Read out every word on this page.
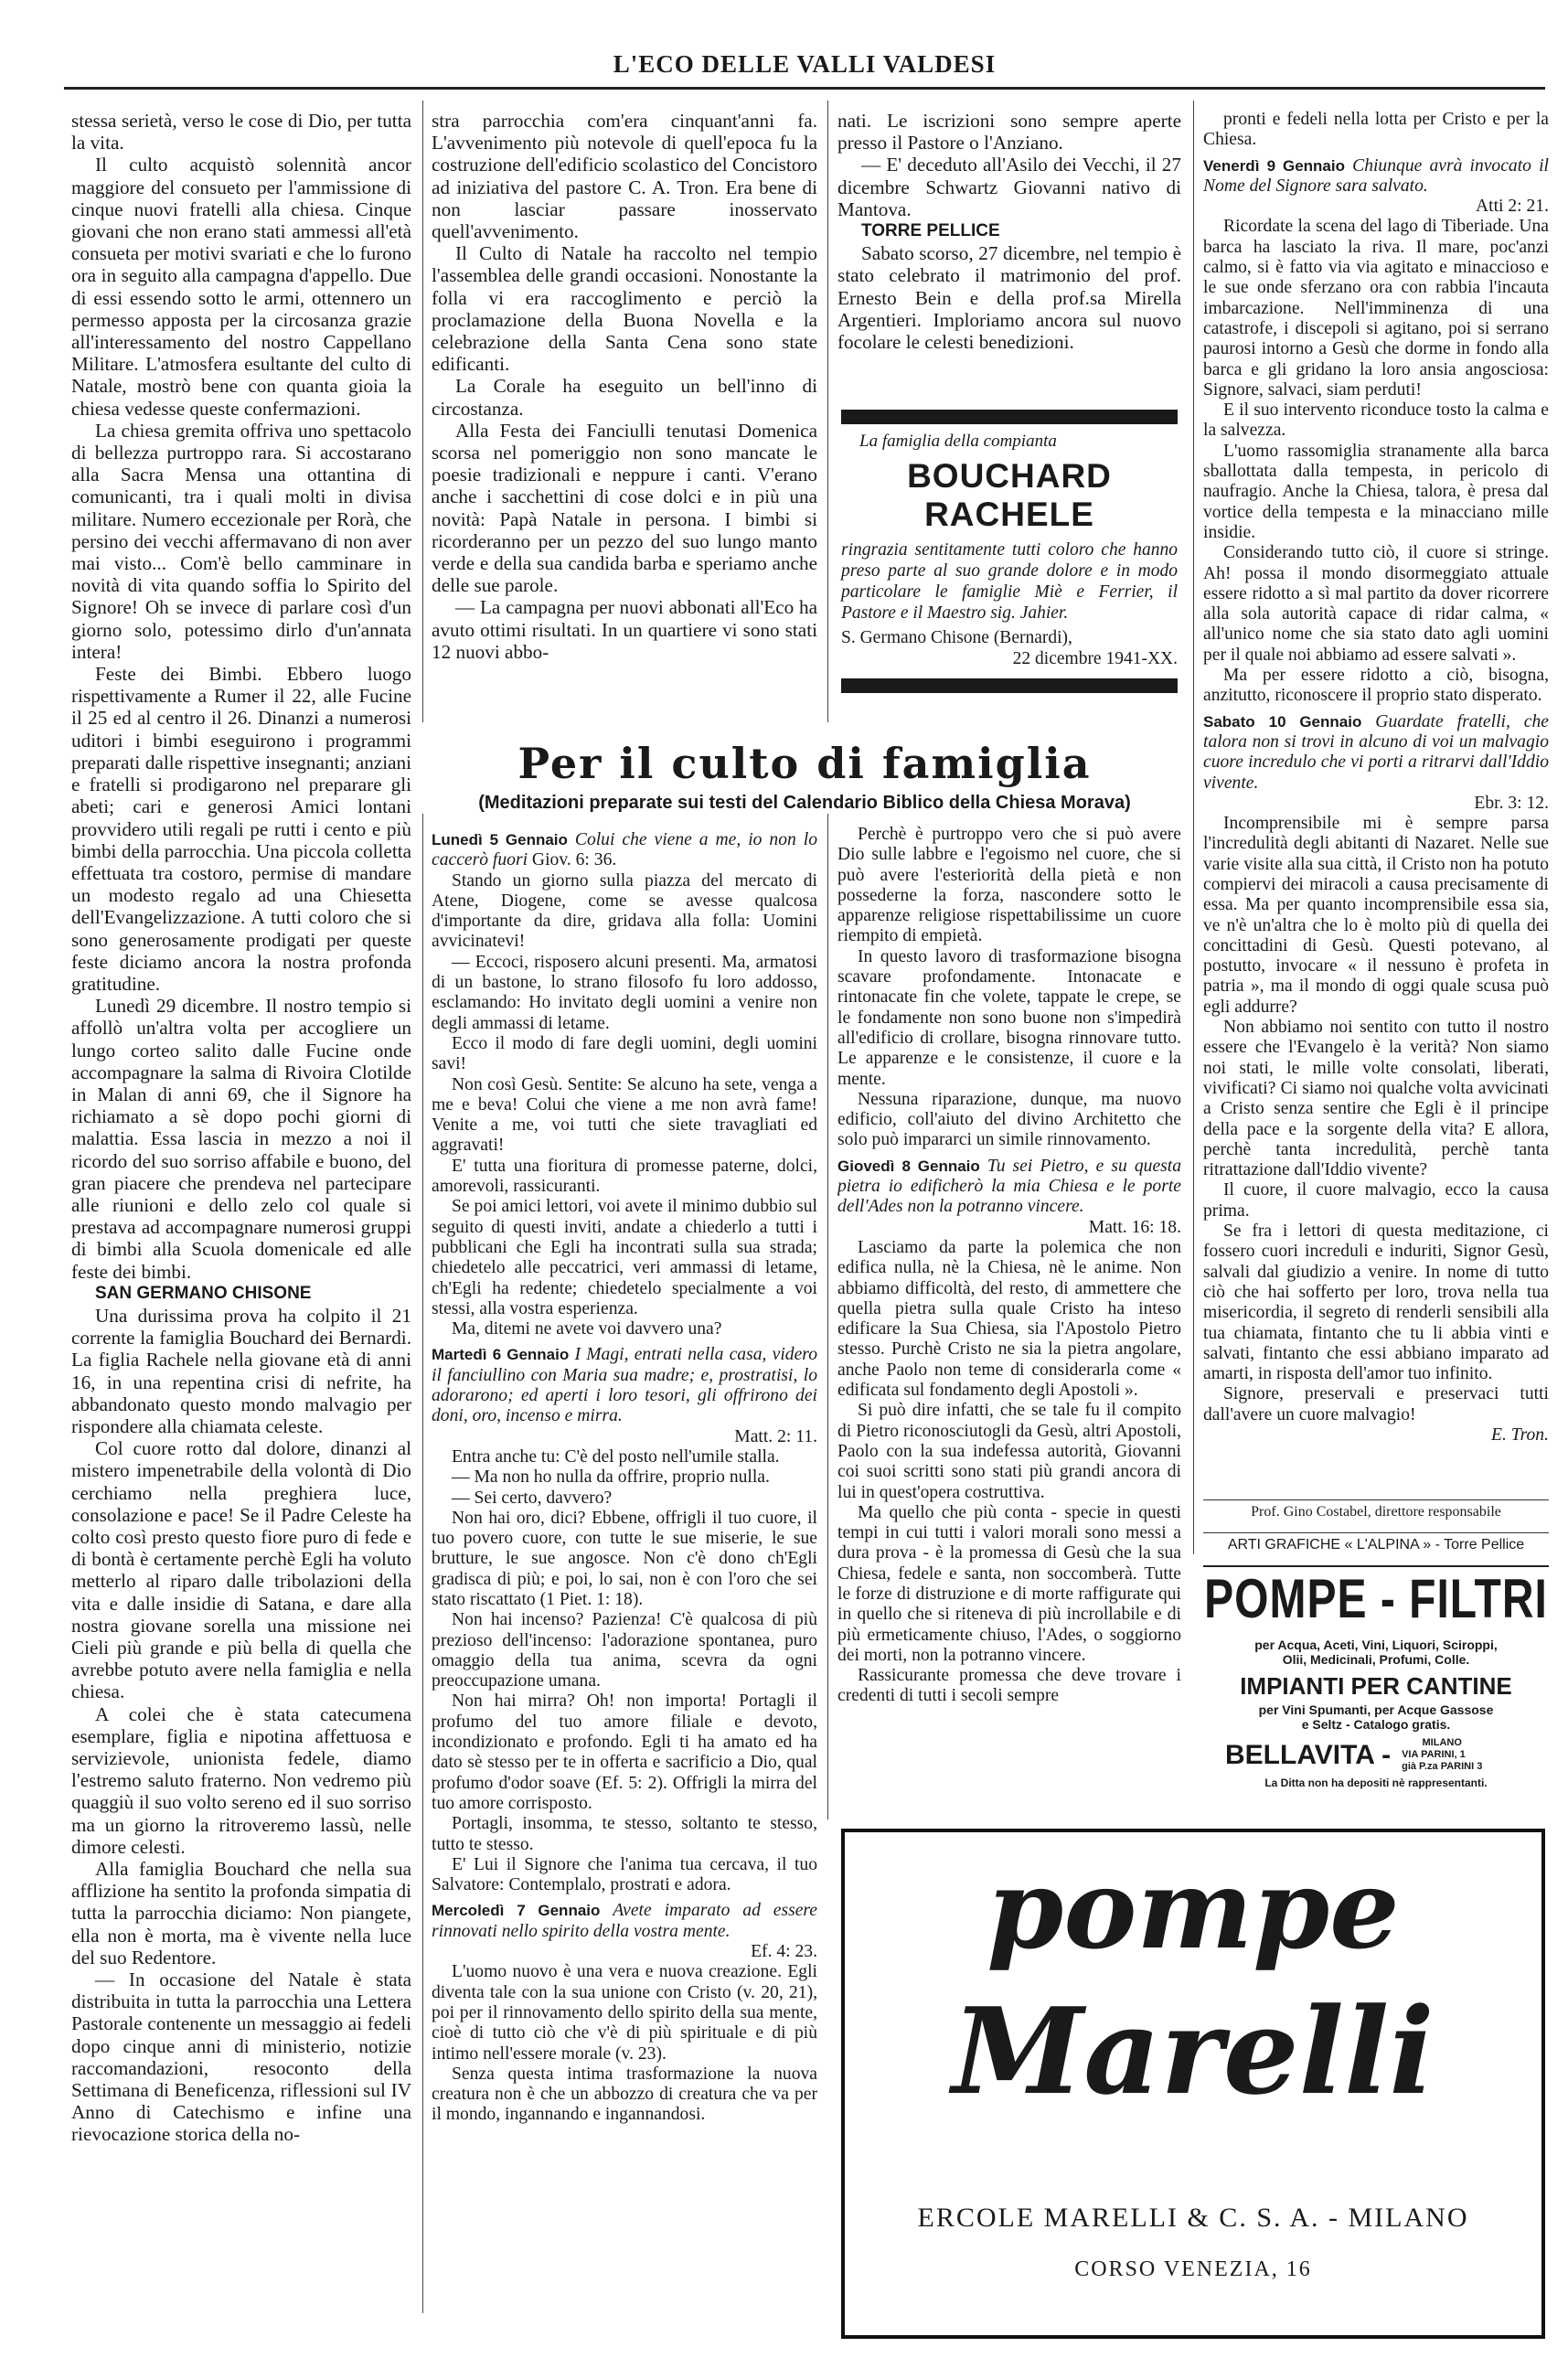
L'ECO DELLE VALLI VALDESI

stessa serietà, verso le cose di Dio, per tutta la vita.

Il culto acquistò solennità ancor maggiore del consueto per l'ammissione di cinque nuovi fratelli alla chiesa. Cinque giovani che non erano stati ammessi all'età consueta per motivi svariati e che lo furono ora in seguito alla campagna d'appello. Due di essi essendo sotto le armi, ottennero un permesso apposta per la circosanza grazie all'interessamento del nostro Cappellano Militare. L'atmosfera esultante del culto di Natale, mostrò bene con quanta gioia la chiesa vedesse queste confermazioni.

La chiesa gremita offriva uno spettacolo di bellezza purtroppo rara. Si accostarano alla Sacra Mensa una ottantina di comunicanti, tra i quali molti in divisa militare. Numero eccezionale per Rorà, che persino dei vecchi affermavano di non aver mai visto... Com'è bello camminare in novità di vita quando soffia lo Spirito del Signore! Oh se invece di parlare così d'un giorno solo, potessimo dirlo d'un'annata intera!

Feste dei Bimbi. Ebbero luogo rispettivamente a Rumer il 22, alle Fucine il 25 ed al centro il 26. Dinanzi a numerosi uditori i bimbi eseguirono i programmi preparati dalle rispettive insegnanti; anziani e fratelli si prodigarono nel preparare gli abeti; cari e generosi Amici lontani provvidero utili regali pe rutti i cento e più bimbi della parrocchia. Una piccola colletta effettuata tra costoro, permise di mandare un modesto regalo ad una Chiesetta dell'Evangelizzazione. A tutti coloro che si sono generosamente prodigati per queste feste diciamo ancora la nostra profonda gratitudine.

Lunedì 29 dicembre. Il nostro tempio si affollò un'altra volta per accogliere un lungo corteo salito dalle Fucine onde accompagnare la salma di Rivoira Clotilde in Malan di anni 69, che il Signore ha richiamato a sè dopo pochi giorni di malattia. Essa lascia in mezzo a noi il ricordo del suo sorriso affabile e buono, del gran piacere che prendeva nel partecipare alle riunioni e dello zelo col quale si prestava ad accompagnare numerosi gruppi di bimbi alla Scuola domenicale ed alle feste dei bimbi.

SAN GERMANO CHISONE

Una durissima prova ha colpito il 21 corrente la famiglia Bouchard dei Bernardi. La figlia Rachele nella giovane età di anni 16, in una repentina crisi di nefrite, ha abbandonato questo mondo malvagio per rispondere alla chiamata celeste.

Col cuore rotto dal dolore, dinanzi al mistero impenetrabile della volontà di Dio cerchiamo nella preghiera luce, consolazione e pace! Se il Padre Celeste ha colto così presto questo fiore puro di fede e di bontà è certamente perchè Egli ha voluto metterlo al riparo dalle tribolazioni della vita e dalle insidie di Satana, e dare alla nostra giovane sorella una missione nei Cieli più grande e più bella di quella che avrebbe potuto avere nella famiglia e nella chiesa.

A colei che è stata catecumena esemplare, figlia e nipotina affettuosa e servizievole, unionista fedele, diamo l'estremo saluto fraterno. Non vedremo più quaggiù il suo volto sereno ed il suo sorriso ma un giorno la ritroveremo lassù, nelle dimore celesti.

Alla famiglia Bouchard che nella sua afflizione ha sentito la profonda simpatia di tutta la parrocchia diciamo: Non piangete, ella non è morta, ma è vivente nella luce del suo Redentore.

— In occasione del Natale è stata distribuita in tutta la parrocchia una Lettera Pastorale contenente un messaggio ai fedeli dopo cinque anni di ministerio, notizie raccomandazioni, resoconto della Settimana di Beneficenza, riflessioni sul IV Anno di Catechismo e infine una rievocazione storica della no-

stra parrocchia com'era cinquant'anni fa. L'avvenimento più notevole di quell'epoca fu la costruzione dell'edificio scolastico del Concistoro ad iniziativa del pastore C. A. Tron. Era bene di non lasciar passare inosservato quell'avvenimento.

Il Culto di Natale ha raccolto nel tempio l'assemblea delle grandi occasioni. Nonostante la folla vi era raccoglimento e perciò la proclamazione della Buona Novella e la celebrazione della Santa Cena sono state edificanti.

La Corale ha eseguito un bell'inno di circostanza.

Alla Festa dei Fanciulli tenutasi Domenica scorsa nel pomeriggio non sono mancate le poesie tradizionali e neppure i canti. V'erano anche i sacchettini di cose dolci e in più una novità: Papà Natale in persona. I bimbi si ricorderanno per un pezzo del suo lungo manto verde e della sua candida barba e speriamo anche delle sue parole.

— La campagna per nuovi abbonati all'Eco ha avuto ottimi risultati. In un quartiere vi sono stati 12 nuovi abbo-

nati. Le iscrizioni sono sempre aperte presso il Pastore o l'Anziano.

— E' deceduto all'Asilo dei Vecchi, il 27 dicembre Schwartz Giovanni nativo di Mantova.

TORRE PELLICE

Sabato scorso, 27 dicembre, nel tempio è stato celebrato il matrimonio del prof. Ernesto Bein e della prof.sa Mirella Argentieri. Imploriamo ancora sul nuovo focolare le celesti benedizioni.

La famiglia della compianta
BOUCHARD RACHELE
ringrazia sentitamente tutti coloro che hanno preso parte al suo grande dolore e in modo particolare le famiglie Miè e Ferrier, il Pastore e il Maestro sig. Jahier.
S. Germano Chisone (Bernardi),
22 dicembre 1941-XX.
Per il culto di famiglia
(Meditazioni preparate sui testi del Calendario Biblico della Chiesa Morava)
Lunedì 5 Gennaio Colui che viene a me, io non lo caccerò fuori Giov. 6: 36.

Stando un giorno sulla piazza del mercato di Atene, Diogene, come se avesse qualcosa d'importante da dire, gridava alla folla: Uomini avvicinatevi!

— Eccoci, risposero alcuni presenti. Ma, armatosi di un bastone, lo strano filosofo fu loro addosso, esclamando: Ho invitato degli uomini a venire non degli ammassi di letame.

Ecco il modo di fare degli uomini, degli uomini savi!

Non così Gesù. Sentite: Se alcuno ha sete, venga a me e beva! Colui che viene a me non avrà fame! Venite a me, voi tutti che siete travagliati ed aggravati!

E' tutta una fioritura di promesse paterne, dolci, amorevoli, rassicuranti.

Se poi amici lettori, voi avete il minimo dubbio sul seguito di questi inviti, andate a chiederlo a tutti i pubblicani che Egli ha incontrati sulla sua strada; chiedetelo alle peccatrici, veri ammassi di letame, ch'Egli ha redente; chiedetelo specialmente a voi stessi, alla vostra esperienza.

Ma, ditemi ne avete voi davvero una?

Martedì 6 Gennaio I Magi, entrati nella casa, videro il fanciullino con Maria sua madre; e, prostratisi, lo adorarono; ed aperti i loro tesori, gli offrirono dei doni, oro, incenso e mirra.
Matt. 2: 11.

Entra anche tu: C'è del posto nell'umile stalla.

— Ma non ho nulla da offrire, proprio nulla.

— Sei certo, davvero?

Non hai oro, dici? Ebbene, offrigli il tuo cuore, il tuo povero cuore, con tutte le sue miserie, le sue brutture, le sue angosce. Non c'è dono ch'Egli gradisca di più; e poi, lo sai, non è con l'oro che sei stato riscattato (1 Piet. 1: 18).

Non hai incenso? Pazienza! C'è qualcosa di più prezioso dell'incenso: l'adorazione spontanea, puro omaggio della tua anima, scevra da ogni preoccupazione umana.

Non hai mirra? Oh! non importa! Portagli il profumo del tuo amore filiale e devoto, incondizionato e profondo. Egli ti ha amato ed ha dato sè stesso per te in offerta e sacrificio a Dio, qual profumo d'odor soave (Ef. 5: 2). Offrigli la mirra del tuo amore corrisposto.

Portagli, insomma, te stesso, soltanto te stesso, tutto te stesso.

E' Lui il Signore che l'anima tua cercava, il tuo Salvatore: Contemplalo, prostrati e adora.

Mercoledì 7 Gennaio Avete imparato ad essere rinnovati nello spirito della vostra mente.
Ef. 4: 23.

L'uomo nuovo è una vera e nuova creazione. Egli diventa tale con la sua unione con Cristo (v. 20, 21), poi per il rinnovamento dello spirito della sua mente, cioè di tutto ciò che v'è di più spirituale e di più intimo nell'essere morale (v. 23).

Senza questa intima trasformazione la nuova creatura non è che un abbozzo di creatura che va per il mondo, ingannando e ingannandosi.

Perchè è purtroppo vero che si può avere Dio sulle labbre e l'egoismo nel cuore, che si può avere l'esteriorità della pietà e non possederne la forza, nascondere sotto le apparenze religiose rispettabilissime un cuore riempito di empietà.

In questo lavoro di trasformazione bisogna scavare profondamente. Intonacate e rintonacate fin che volete, tappate le crepe, se le fondamente non sono buone non s'impedirà all'edificio di crollare, bisogna rinnovare tutto. Le apparenze e le consistenze, il cuore e la mente.

Nessuna riparazione, dunque, ma nuovo edificio, coll'aiuto del divino Architetto che solo può impararci un simile rinnovamento.

Giovedì 8 Gennaio Tu sei Pietro, e su questa pietra io edificherò la mia Chiesa e le porte dell'Ades non la potranno vincere.
Matt. 16: 18.

Lasciamo da parte la polemica che non edifica nulla, nè la Chiesa, nè le anime. Non abbiamo difficoltà, del resto, di ammettere che quella pietra sulla quale Cristo ha inteso edificare la Sua Chiesa, sia l'Apostolo Pietro stesso. Purchè Cristo ne sia la pietra angolare, anche Paolo non teme di considerarla come « edificata sul fondamento degli Apostoli ».

Si può dire infatti, che se tale fu il compito di Pietro riconosciutogli da Gesù, altri Apostoli, Paolo con la sua indefessa autorità, Giovanni coi suoi scritti sono stati più grandi ancora di lui in quest'opera costruttiva.

Ma quello che più conta - specie in questi tempi in cui tutti i valori morali sono messi a dura prova - è la promessa di Gesù che la sua Chiesa, fedele e santa, non soccomberà. Tutte le forze di distruzione e di morte raffigurate qui in quello che si riteneva di più incrollabile e di più ermeticamente chiuso, l'Ades, o soggiorno dei morti, non la potranno vincere.

Rassicurante promessa che deve trovare i credenti di tutti i secoli sempre

pronti e fedeli nella lotta per Cristo e per la Chiesa.

Venerdì 9 Gennaio Chiunque avrà invocato il Nome del Signore sara salvato.
Atti 2: 21.

Ricordate la scena del lago di Tiberiade. Una barca ha lasciato la riva. Il mare, poc'anzi calmo, si è fatto via via agitato e minaccioso e le sue onde sferzano ora con rabbia l'incauta imbarcazione. Nell'imminenza di una catastrofe, i discepoli si agitano, poi si serrano paurosi intorno a Gesù che dorme in fondo alla barca e gli gridano la loro ansia angosciosa: Signore, salvaci, siam perduti!

E il suo intervento riconduce tosto la calma e la salvezza.

L'uomo rassomiglia stranamente alla barca sballottata dalla tempesta, in pericolo di naufragio. Anche la Chiesa, talora, è presa dal vortice della tempesta e la minacciano mille insidie.

Considerando tutto ciò, il cuore si stringe. Ah! possa il mondo disormeggiato attuale essere ridotto a sì mal partito da dover ricorrere alla sola autorità capace di ridar calma, « all'unico nome che sia stato dato agli uomini per il quale noi abbiamo ad essere salvati ».

Ma per essere ridotto a ciò, bisogna, anzitutto, riconoscere il proprio stato disperato.

Sabato 10 Gennaio Guardate fratelli, che talora non si trovi in alcuno di voi un malvagio cuore incredulo che vi porti a ritrarvi dall'Iddio vivente.
Ebr. 3: 12.

Incomprensibile mi è sempre parsa l'incredulità degli abitanti di Nazaret. Nelle sue varie visite alla sua città, il Cristo non ha potuto compiervi dei miracoli a causa precisamente di essa. Ma per quanto incomprensibile essa sia, ve n'è un'altra che lo è molto più di quella dei concittadini di Gesù. Questi potevano, al postutto, invocare « il nessuno è profeta in patria », ma il mondo di oggi quale scusa può egli addurre?

Non abbiamo noi sentito con tutto il nostro essere che l'Evangelo è la verità? Non siamo noi stati, le mille volte consolati, liberati, vivificati? Ci siamo noi qualche volta avvicinati a Cristo senza sentire che Egli è il principe della pace e la sorgente della vita? E allora, perchè tanta incredulità, perchè tanta ritrattazione dall'Iddio vivente?

Il cuore, il cuore malvagio, ecco la causa prima.

Se fra i lettori di questa meditazione, ci fossero cuori increduli e induriti, Signor Gesù, salvali dal giudizio a venire. In nome di tutto ciò che hai sofferto per loro, trova nella tua misericordia, il segreto di renderli sensibili alla tua chiamata, fintanto che tu li abbia vinti e salvati, fintanto che essi abbiano imparato ad amarti, in risposta dell'amor tuo infinito.

Signore, preservali e preservaci tutti dall'avere un cuore malvagio!

E. Tron.
Prof. Gino Costabel, direttore responsabile
ARTI GRAFICHE « L'ALPINA » - Torre Pellice
POMPE - FILTRI
per Acqua, Aceti, Vini, Liquori, Sciroppi,
Olii, Medicinali, Profumi, Colle.
IMPIANTI PER CANTINE
per Vini Spumanti, per Acque Gassose
e Seltz - Catalogo gratis.
BELLAVITA -	MILANO
VIA PARINI, 1
già P.za PARINI 3
La Ditta non ha depositi nè rappresentanti.
pompe
Marelli
ERCOLE MARELLI & C. S. A. - MILANO
CORSO VENEZIA, 16
